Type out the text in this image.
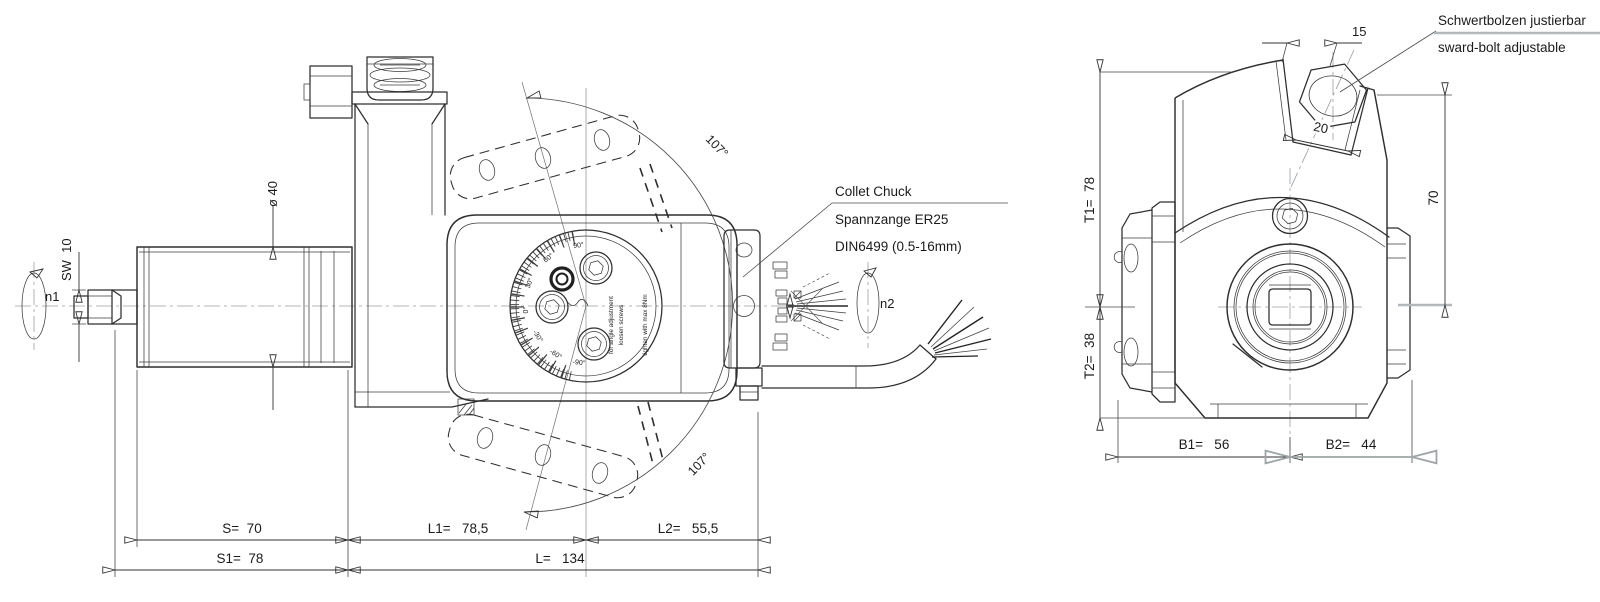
n1
SW  10
ø 40
90°
60°
30°
0°
-30°
-60°
-90°
for angle adjustment loosen screws	tighten with max 8Nm
107°
107°
n2
Collet Chuck
Spannzange ER25
DIN6499 (0.5-16mm)
S=  70	L1=   78,5	L2=   55,5
S1=  78	L=   134
20
15
Schwertbolzen justierbar
sward-bolt adjustable
T1=  78
T2=  38
70
B1=   56	B2=   44
